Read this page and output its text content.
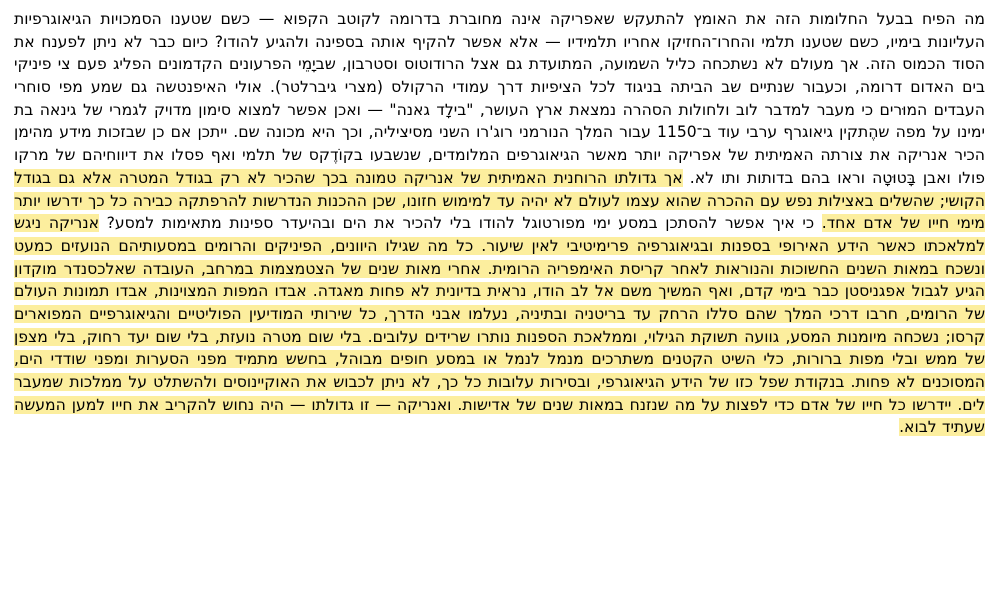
מה הפיח בבעל החלומות הזה את האומץ להתעקש שאפריקה אינה מחוברת בדרומה לקוטב הקפוא — כשם שטענו הסמכויות הגיאוגרפיות העליונות בימיו, כשם שטענו תלמי והחרו־החזיקו אחריו תלמידיו — אלא אפשר להקיף אותה בספינה ולהגיע להודו? כיום כבר לא ניתן לפענח את הסוד הכמוס הזה. אך מעולם לא נשתכחה כליל השמועה, המתועדת גם אצל הרודוטוס וסטרבון, שביָמֵי הפרעונים הקדמונים הפליג פעם צי פיניקי בים האדום דרומה, וכעבור שנתיים שב הביתה בניגוד לכל הציפיות דרך עמודי הרקולס (מצרי גיברלטר). אולי האיפנטשה גם שמע מפי סוחרי העבדים המוּרים כי מעבר למדבר לוב ולחולות הסהרה נמצאת ארץ העושר, "בילָד גאנה" — ואכן אפשר למצוא סימון מדויק לגמרי של גינאה בת ימינו על מפה שהֶתקין גיאוגרף ערבי עוד ב־1150 עבור המלך הנורמני רוג'רו השני מסיציליה, וכך היא מכונה שם. ייתכן אם כן שבזכות מידע מהימן הכיר אנריקה את צורתה האמיתית של אפריקה יותר מאשר הגיאוגרפים המלומדים, שנשבעו בקוֹדֶקס של תלמי ואף פסלו את דיווחיהם של מרקו פולו ואבן בָּטוּטָה וראו בהם בדותות ותו לא. אך גדולתו הרוחנית האמיתית של אנריקה טמונה בכך שהכיר לא רק בגודל המטרה אלא גם בגודל הקושי; שהשלים באצילות נפש עם ההכרה שהוא עצמו לעולם לא יהיה עד למימוש חזונו, שכן ההכנות הנדרשות להרפתקה כבירה כל כך ידרשו יותר מימי חייו של אדם אחד. כי איך אפשר להסתכן במסע ימי מפורטוגל להודו בלי להכיר את הים ובהיעדר ספינות מתאימות למסע? אנריקה ניגש למלאכתו כאשר הידע האירופי בספנות ובגיאוגרפיה פרימיטיבי לאין שיעור. כל מה שגילו היוונים, הפיניקים והרומים במסעותיהם הנועזים כמעט ונשכח במאות השנים החשוכות והנוראות לאחר קריסת האימפריה הרומית. אחרי מאות שנים של הצטמצמות במרחב, העובדה שאלכסנדר מוקדון הגיע לגבול אפגניסטן כבר בימי קדם, ואף המשיך משם אל לב הודו, נראית בדיונית לא פחות מאגדה. אבדו המפות המצוינות, אבדו תמונות העולם של הרומים, חרבו דרכי המלך שהם סללו הרחק עד בריטניה ובתיניה, נעלמו אבני הדרך, כל שירותי המודיעין הפוליטיים והגיאוגרפיים המפוארים קרסו; נשכחה מיומנות המסע, גוועה תשוקת הגילוי, וממלאכת הספנות נותרו שרידים עלובים. בלי שום מטרה נועזת, בלי שום יעד רחוק, בלי מצפן של ממש ובלי מפות ברורות, כלי השיט הקטנים משתרכים מנמל לנמל או במסע חופים מבוהל, בחשש מתמיד מפני הסערות ומפני שודדי הים, המסוכנים לא פחות. בנקודת שפל כזו של הידע הגיאוגרפי, ובסירות עלובות כל כך, לא ניתן לכבוש את האוקיינוסים ולהשתלט על ממלכות שמעבר לים. יידרשו כל חייו של אדם כדי לפצות על מה שנזנח במאות שנים של אדישות. ואנריקה — זו גדולתו — היה נחוש להקריב את חייו למען המעשה שעתיד לבוא.
